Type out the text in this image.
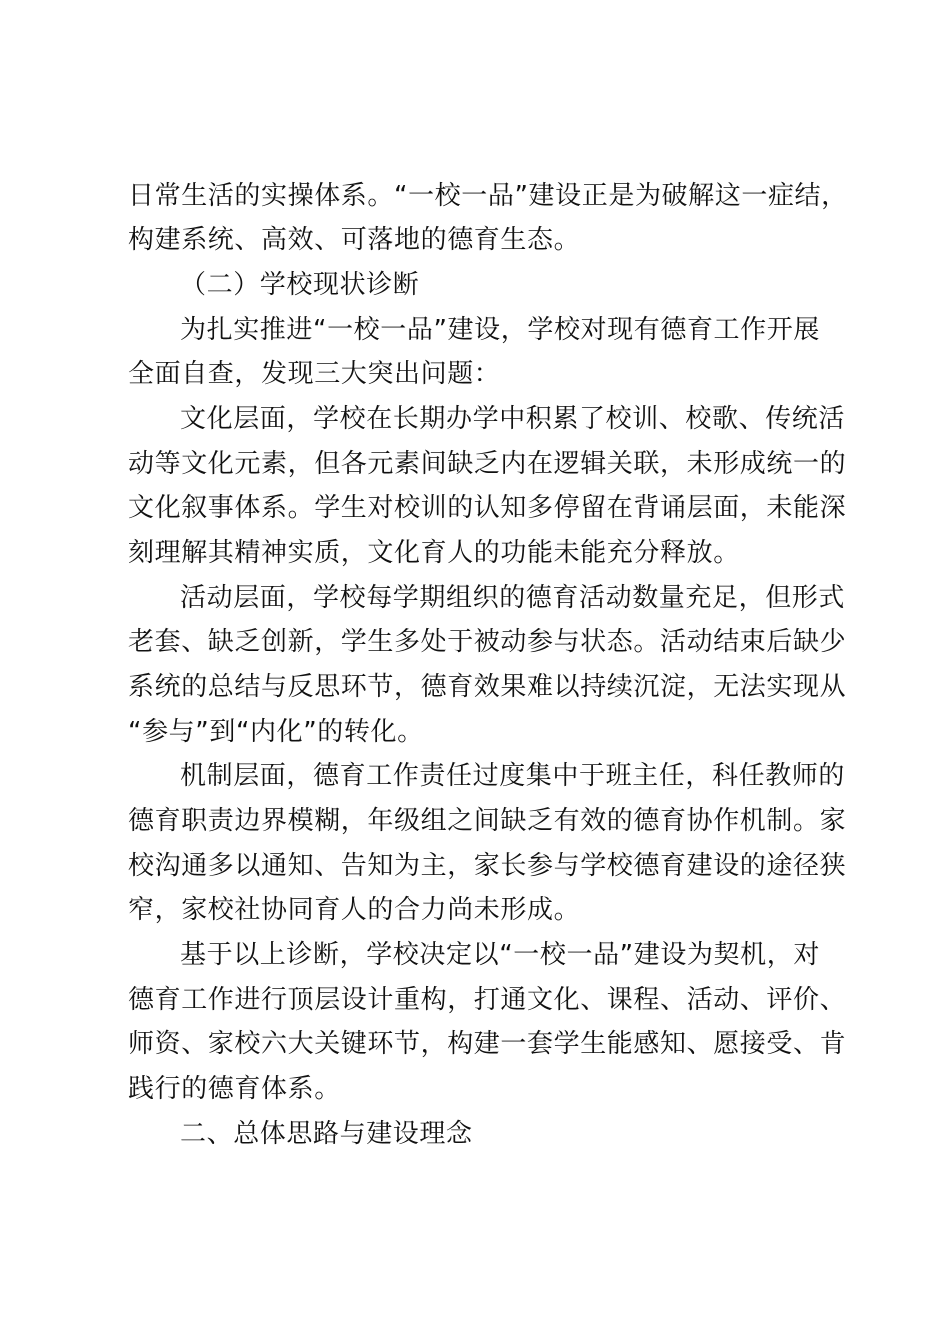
日常生活的实操体系。“一校一品”建设正是为破解这一症结，
构建系统、高效、可落地的德育生态。
（二）学校现状诊断
为扎实推进“一校一品”建设，学校对现有德育工作开展
全面自查，发现三大突出问题：
文化层面，学校在长期办学中积累了校训、校歌、传统活
动等文化元素，但各元素间缺乏内在逻辑关联，未形成统一的
文化叙事体系。学生对校训的认知多停留在背诵层面，未能深
刻理解其精神实质，文化育人的功能未能充分释放。
活动层面，学校每学期组织的德育活动数量充足，但形式
老套、缺乏创新，学生多处于被动参与状态。活动结束后缺少
系统的总结与反思环节，德育效果难以持续沉淀，无法实现从
“参与”到“内化”的转化。
机制层面，德育工作责任过度集中于班主任，科任教师的
德育职责边界模糊，年级组之间缺乏有效的德育协作机制。家
校沟通多以通知、告知为主，家长参与学校德育建设的途径狭
窄，家校社协同育人的合力尚未形成。
基于以上诊断，学校决定以“一校一品”建设为契机，对
德育工作进行顶层设计重构，打通文化、课程、活动、评价、
师资、家校六大关键环节，构建一套学生能感知、愿接受、肯
践行的德育体系。
二、总体思路与建设理念
